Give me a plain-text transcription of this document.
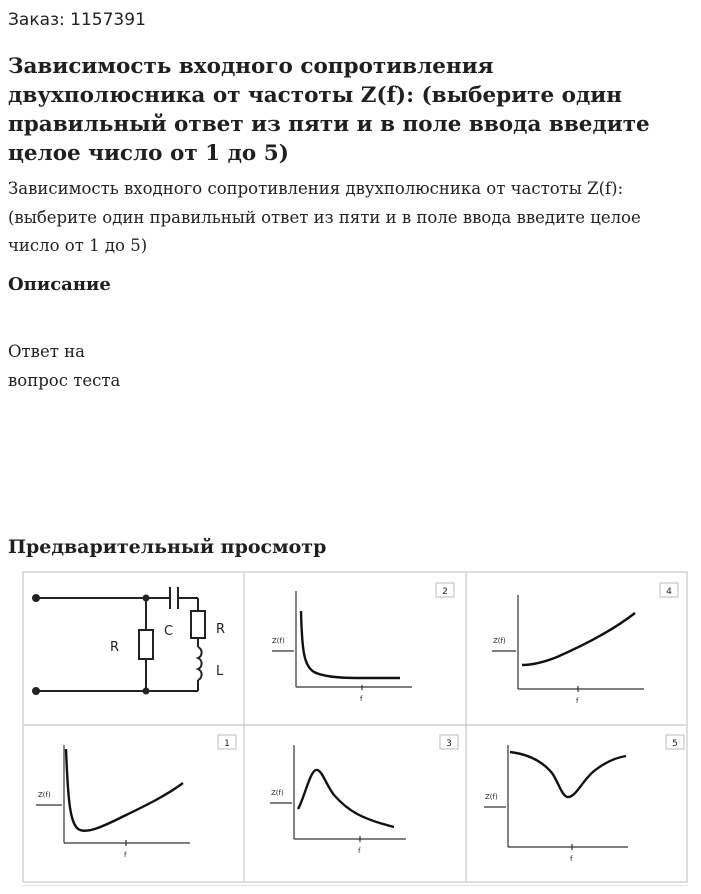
Заказ: 1157391
Зависимость входного сопротивления двухполюсника от частоты Z(f): (выберите один правильный ответ из пяти и в поле ввода введите целое число от 1 до 5)

Зависимость входного сопротивления двухполюсника от частоты Z(f): (выберите один правильный ответ из пяти и в поле ввода введите целое число от 1 до 5)

Описание
Ответ на
вопрос теста
Предварительный просмотр
R
C	R
L
2
Z(f)
f
4
Z(f)
f
1
Z(f)
f
3
Z(f)
f
5
Z(f)
f
